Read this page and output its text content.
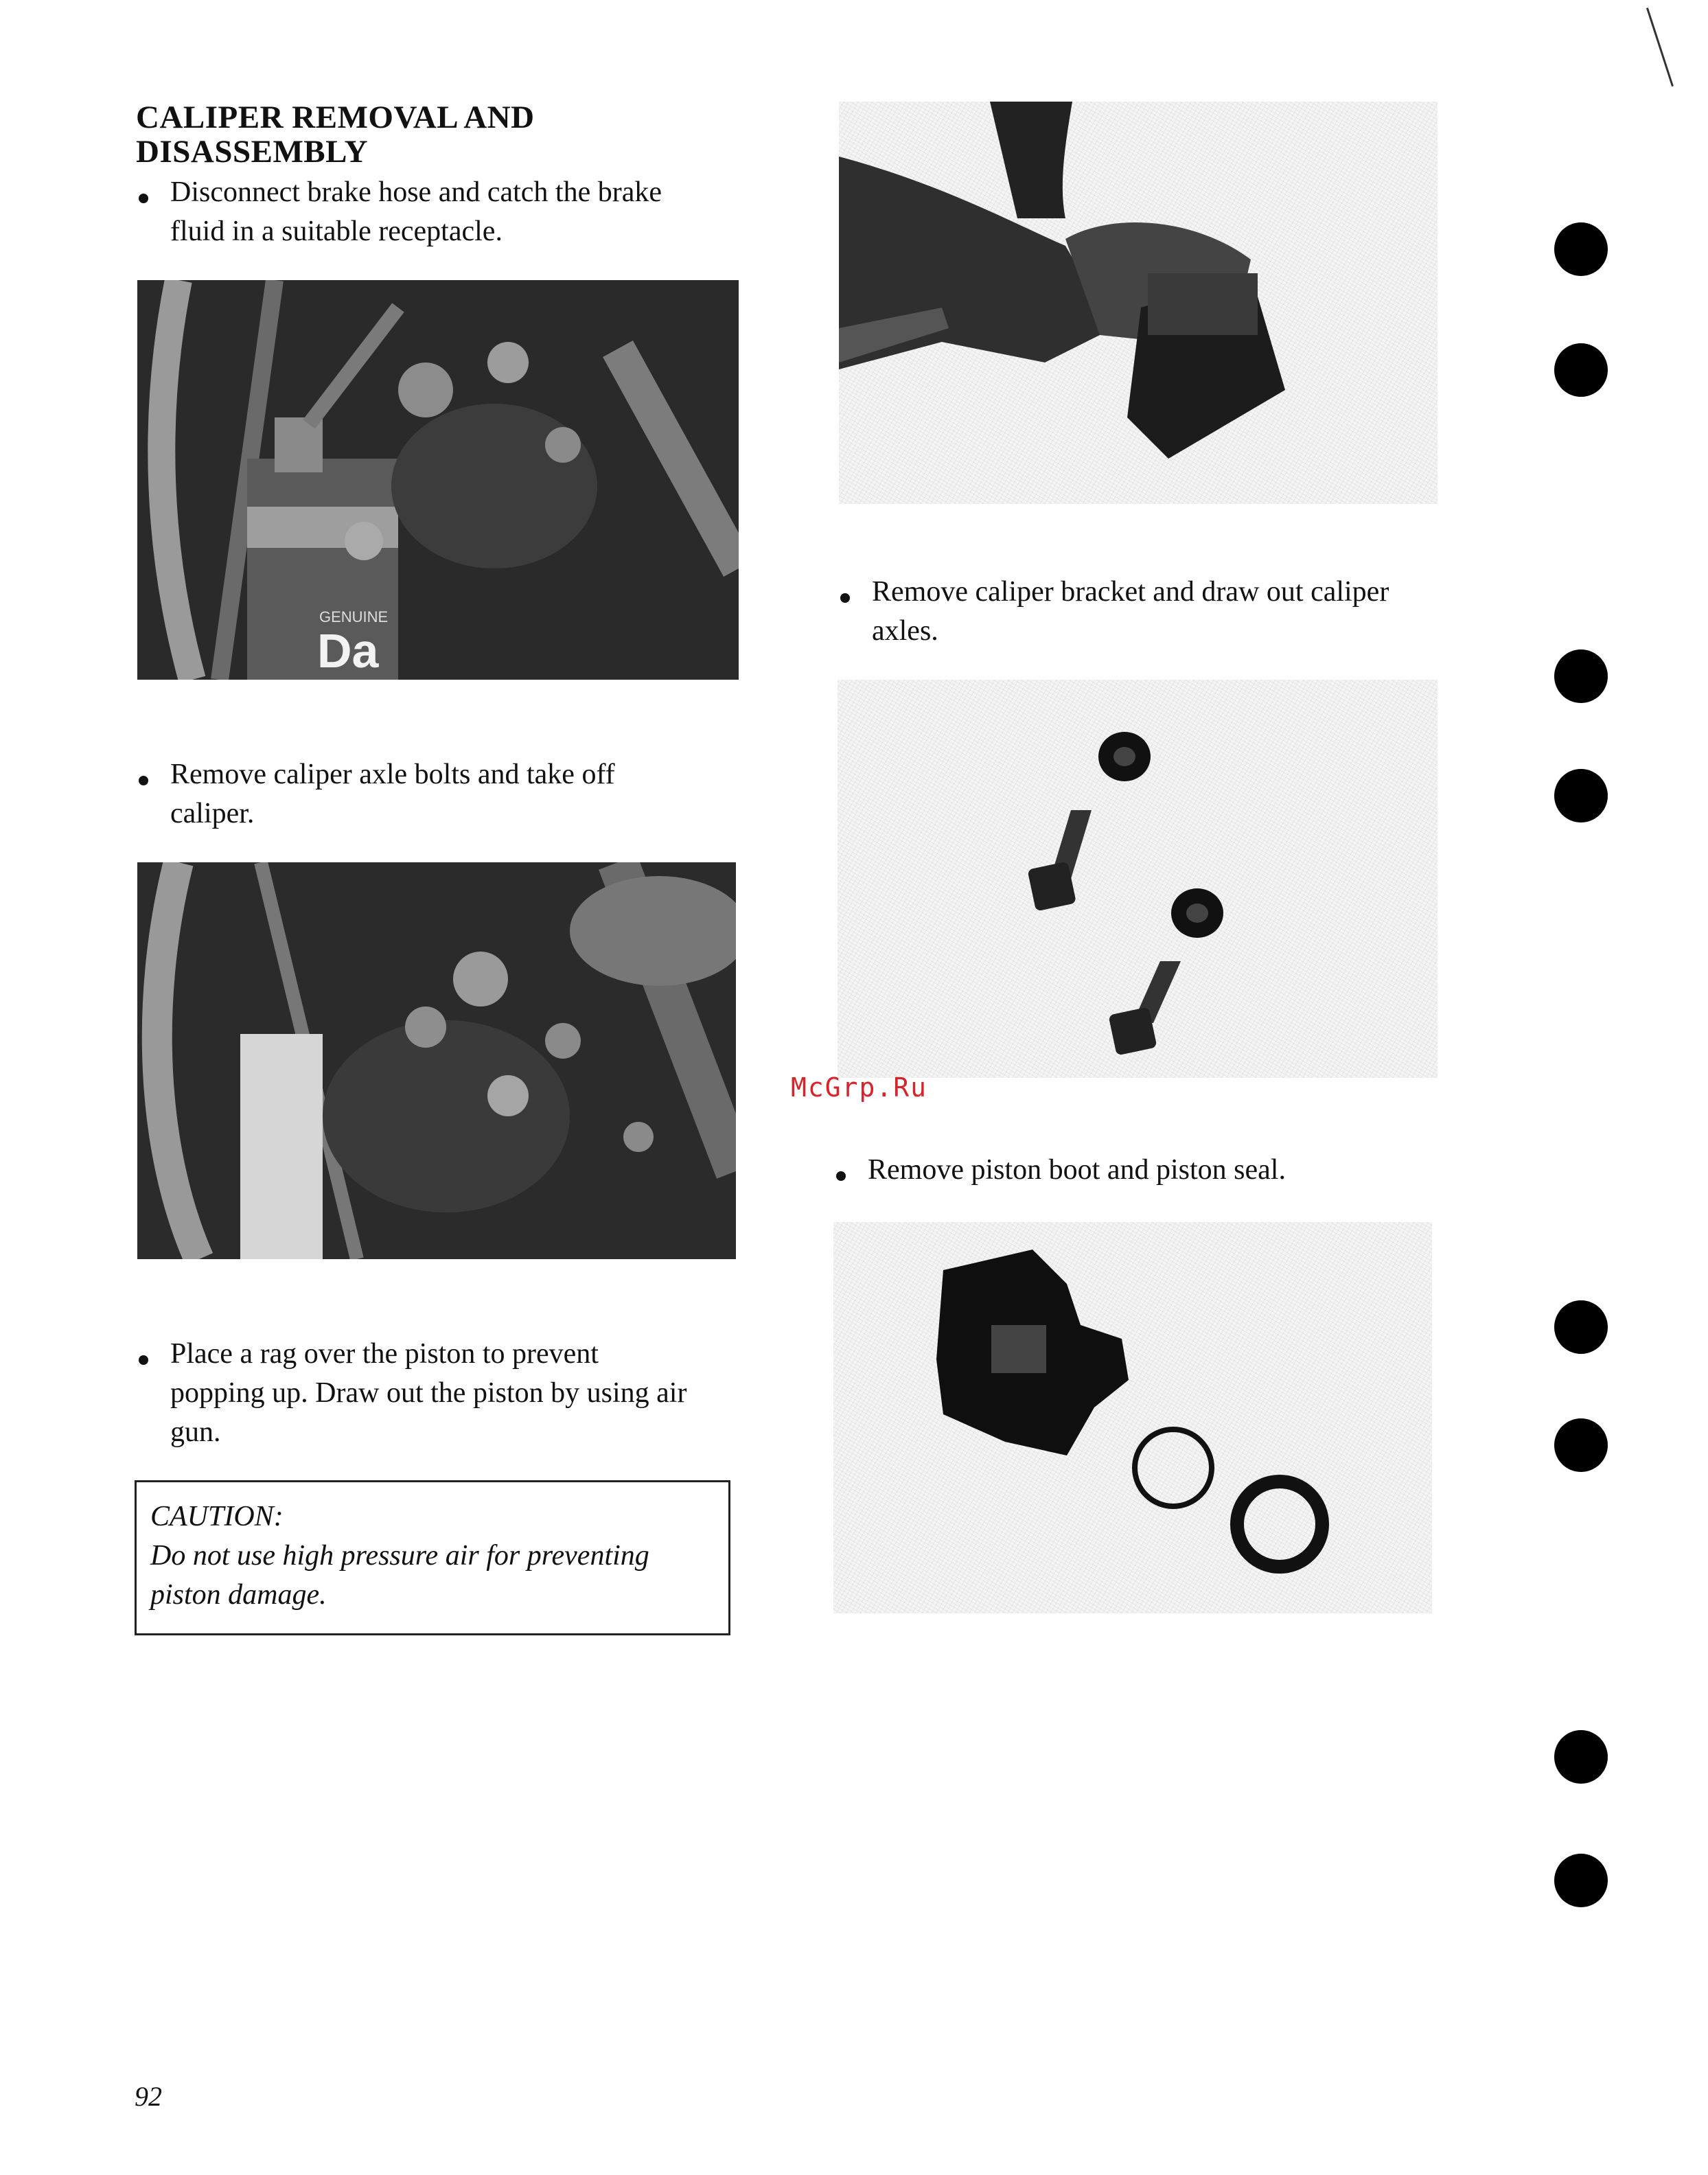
CALIPER REMOVAL AND
DISASSEMBLY
Disconnect brake hose and catch the brake
fluid in a suitable receptacle.
GENUINE
Da
Remove caliper axle bolts and take off
caliper.
Place a rag over the piston to prevent
popping up. Draw out the piston by using air
gun.
CAUTION:
Do not use high pressure air for preventing
piston damage.
Remove caliper bracket and draw out caliper
axles.
McGrp.Ru
Remove piston boot and piston seal.
92
